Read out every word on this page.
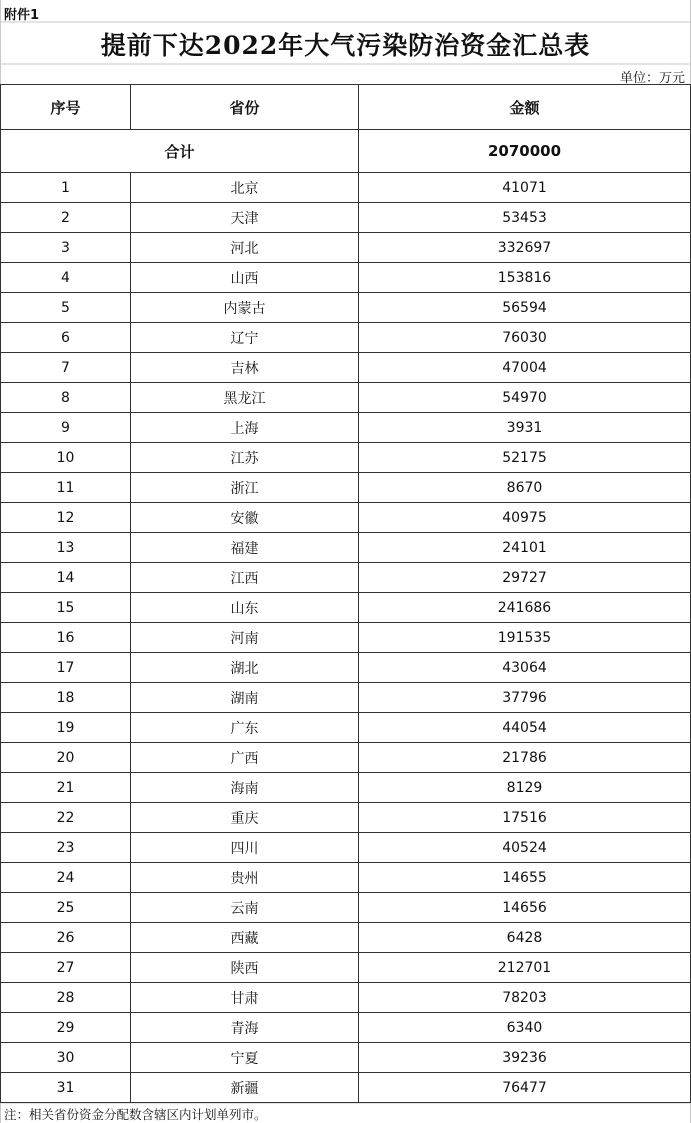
附件1
提前下达2022年大气污染防治资金汇总表
单位：万元
序号	省份	金额
合计		2070000
1	北京	41071
2	天津	53453
3	河北	332697
4	山西	153816
5	内蒙古	56594
6	辽宁	76030
7	吉林	47004
8	黑龙江	54970
9	上海	3931
10	江苏	52175
11	浙江	8670
12	安徽	40975
13	福建	24101
14	江西	29727
15	山东	241686
16	河南	191535
17	湖北	43064
18	湖南	37796
19	广东	44054
20	广西	21786
21	海南	8129
22	重庆	17516
23	四川	40524
24	贵州	14655
25	云南	14656
26	西藏	6428
27	陕西	212701
28	甘肃	78203
29	青海	6340
30	宁夏	39236
31	新疆	76477
注：相关省份资金分配数含辖区内计划单列市。
